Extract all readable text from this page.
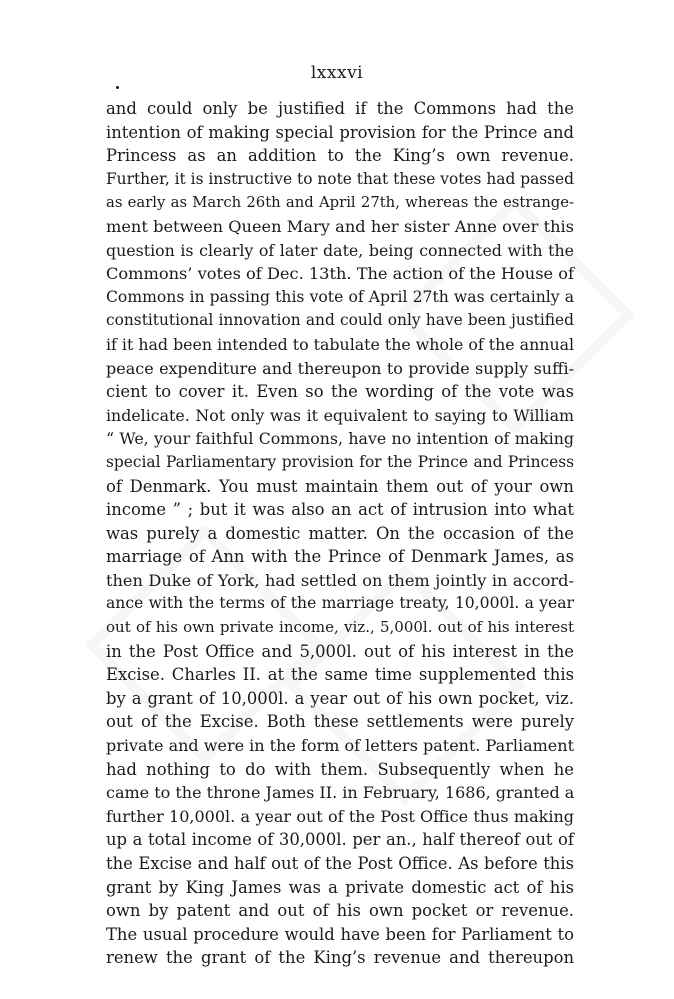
lxxxvi
and could only be justified if the Commons had the
intention of making special provision for the Prince and
Princess as an addition to the King’s own revenue.
Further, it is instructive to note that these votes had passed
as early as March 26th and April 27th, whereas the estrange-
ment between Queen Mary and her sister Anne over this
question is clearly of later date, being connected with the
Commons’ votes of Dec. 13th. The action of the House of
Commons in passing this vote of April 27th was certainly a
constitutional innovation and could only have been justified
if it had been intended to tabulate the whole of the annual
peace expenditure and thereupon to provide supply suffi-
cient to cover it. Even so the wording of the vote was
indelicate. Not only was it equivalent to saying to William
“ We, your faithful Commons, have no intention of making
special Parliamentary provision for the Prince and Princess
of Denmark. You must maintain them out of your own
income ” ; but it was also an act of intrusion into what
was purely a domestic matter. On the occasion of the
marriage of Ann with the Prince of Denmark James, as
then Duke of York, had settled on them jointly in accord-
ance with the terms of the marriage treaty, 10,000l. a year
out of his own private income, viz., 5,000l. out of his interest
in the Post Office and 5,000l. out of his interest in the
Excise. Charles II. at the same time supplemented this
by a grant of 10,000l. a year out of his own pocket, viz.
out of the Excise. Both these settlements were purely
private and were in the form of letters patent. Parliament
had nothing to do with them. Subsequently when he
came to the throne James II. in February, 1686, granted a
further 10,000l. a year out of the Post Office thus making
up a total income of 30,000l. per an., half thereof out of
the Excise and half out of the Post Office. As before this
grant by King James was a private domestic act of his
own by patent and out of his own pocket or revenue.
The usual procedure would have been for Parliament to
renew the grant of the King’s revenue and thereupon
